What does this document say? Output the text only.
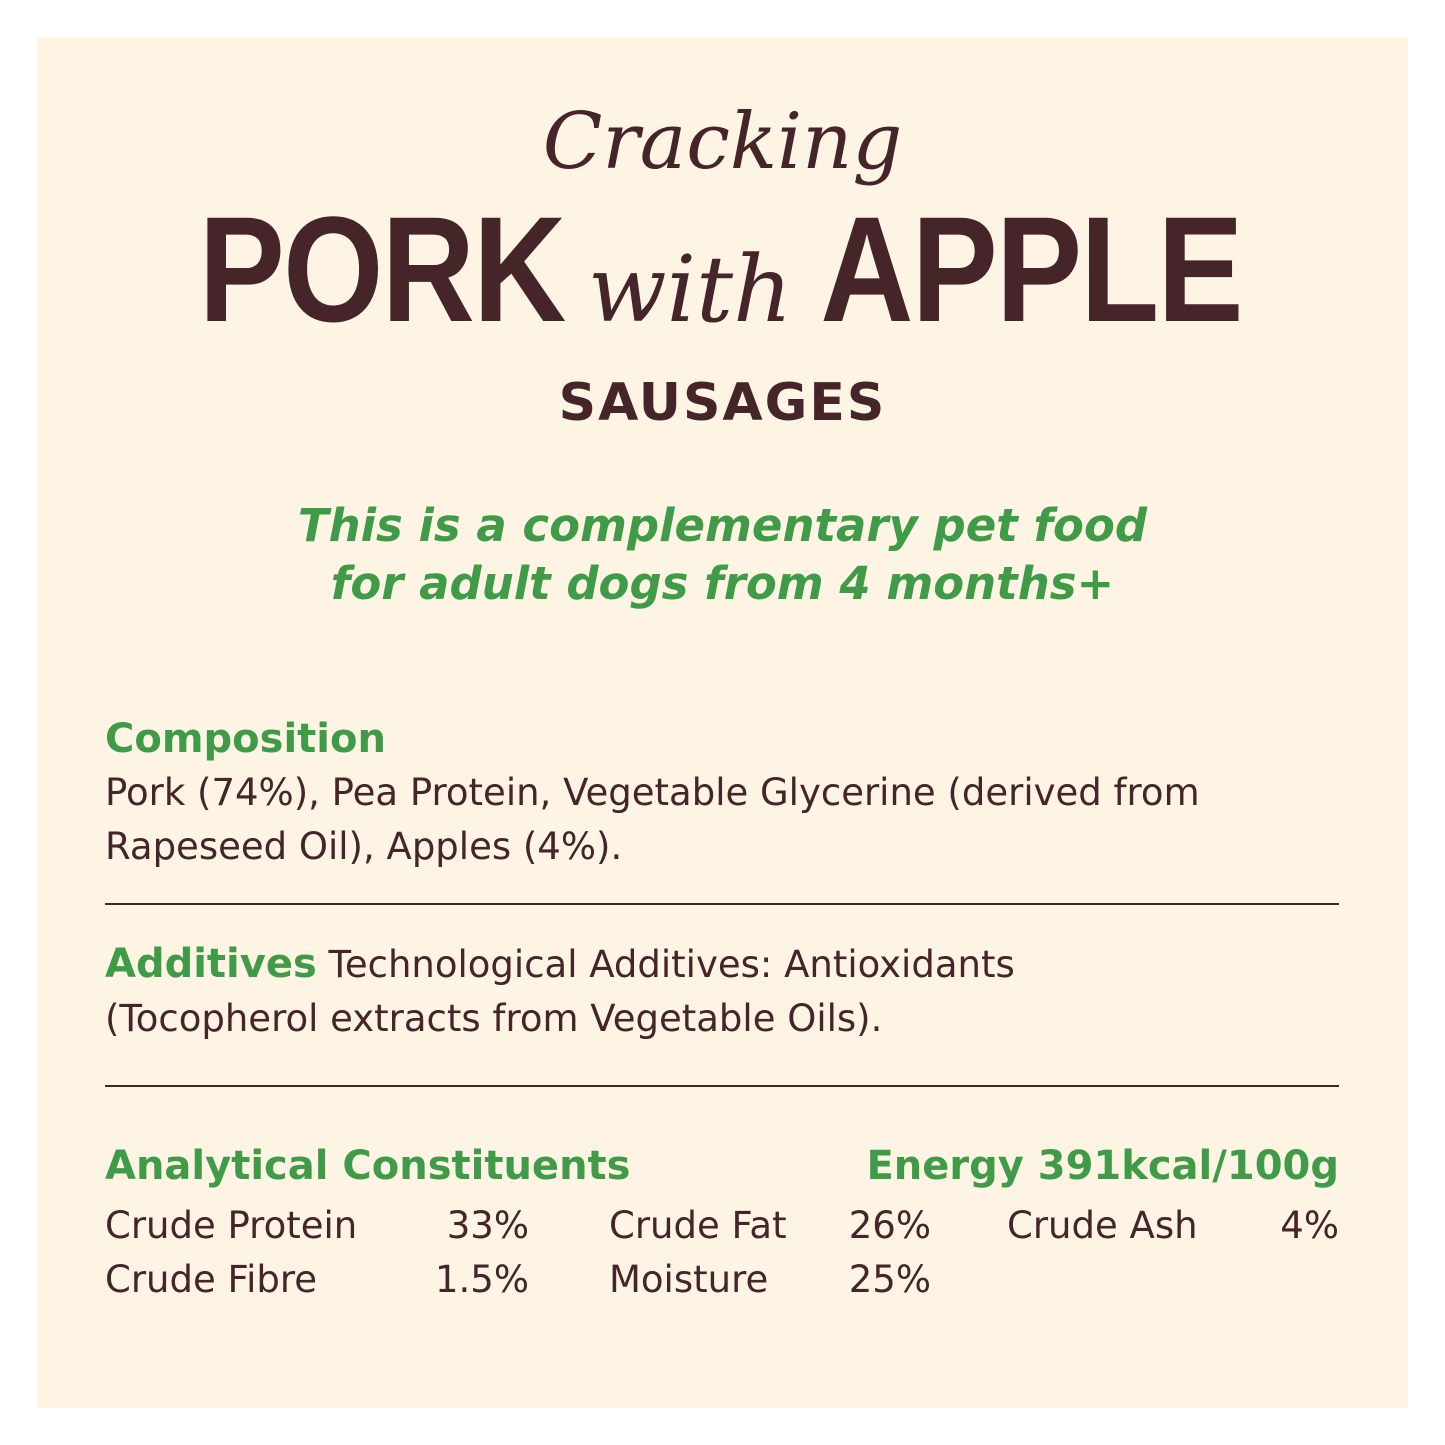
Cracking
PORK with APPLE
SAUSAGES
This is a complementary pet food
for adult dogs from 4 months+
Composition
Pork (74%), Pea Protein, Vegetable Glycerine (derived from
Rapeseed Oil), Apples (4%).
Additives Technological Additives: Antioxidants
(Tocopherol extracts from Vegetable Oils).
Analytical Constituents	Energy 391kcal/100g
Crude Protein 33% Crude Fat 26% Crude Ash 4%
Crude Fibre	1.5% Moisture 25%
